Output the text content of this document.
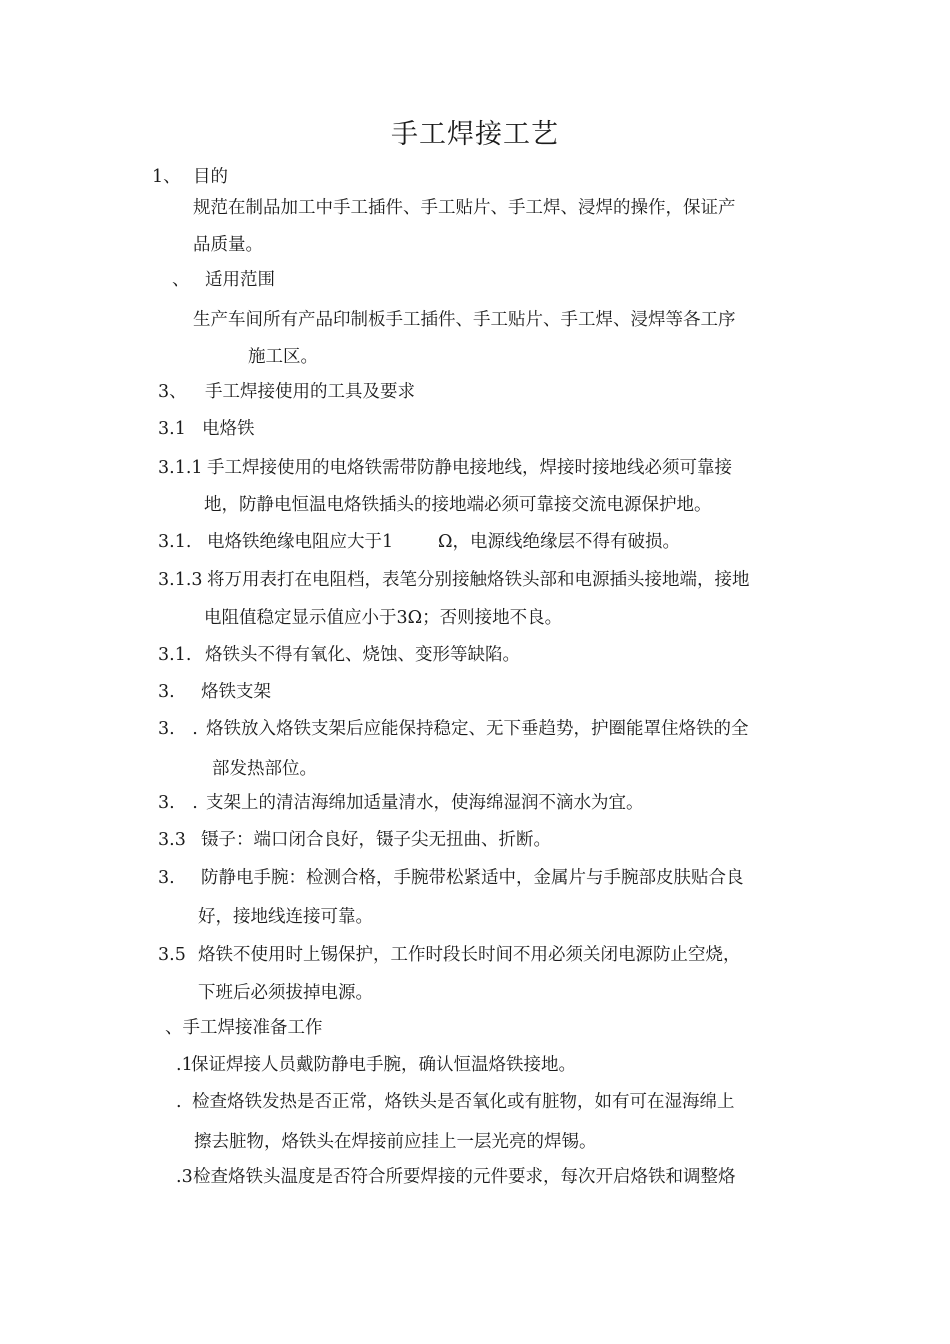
手工焊接工艺
1、 目的
规范在制品加工中手工插件、手工贴片、手工焊、浸焊的操作，保证产
品质量。
、 适用范围
生产车间所有产品印制板手工插件、手工贴片、手工焊、浸焊等各工序
施工区。
3、 手工焊接使用的工具及要求
3.1 电烙铁
3.1.1 手工焊接使用的电烙铁需带防静电接地线，焊接时接地线必须可靠接
地，防静电恒温电烙铁插头的接地端必须可靠接交流电源保护地。
3.1. 电烙铁绝缘电阻应大于1	Ω，电源线绝缘层不得有破损。
3.1.3 将万用表打在电阻档，表笔分别接触烙铁头部和电源插头接地端，接地
电阻值稳定显示值应小于3Ω；否则接地不良。
3.1. 烙铁头不得有氧化、烧蚀、变形等缺陷。
3. 烙铁支架
3.　. 烙铁放入烙铁支架后应能保持稳定、无下垂趋势，护圈能罩住烙铁的全
部发热部位。
3.　. 支架上的清洁海绵加适量清水，使海绵湿润不滴水为宜。
3.3 镊子：端口闭合良好，镊子尖无扭曲、折断。
3. 防静电手腕：检测合格，手腕带松紧适中，金属片与手腕部皮肤贴合良
好，接地线连接可靠。
3.5 烙铁不使用时上锡保护，工作时段长时间不用必须关闭电源防止空烧，
下班后必须拔掉电源。
、手工焊接准备工作
.1
保证焊接人员戴防静电手腕，确认恒温烙铁接地。
. 检查烙铁发热是否正常，烙铁头是否氧化或有脏物，如有可在湿海绵上
擦去脏物，烙铁头在焊接前应挂上一层光亮的焊锡。
.3 检查烙铁头温度是否符合所要焊接的元件要求，每次开启烙铁和调整烙
